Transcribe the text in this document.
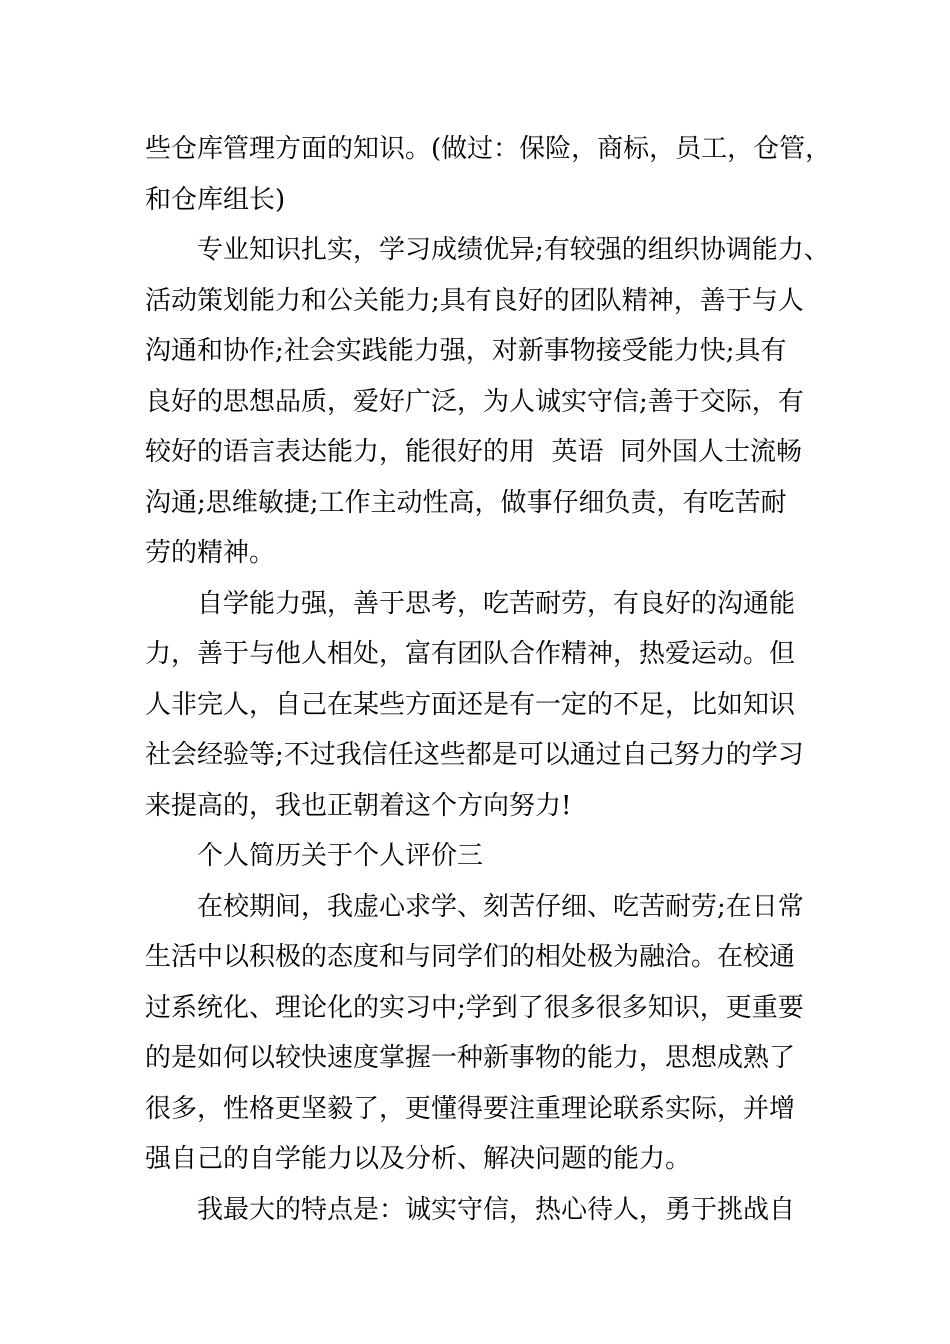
些仓库管理方面的知识。(做过：保险，商标，员工，仓管，
和仓库组长)
专业知识扎实，学习成绩优异;有较强的组织协调能力、
活动策划能力和公关能力;具有良好的团队精神，善于与人
沟通和协作;社会实践能力强，对新事物接受能力快;具有
良好的思想品质，爱好广泛，为人诚实守信;善于交际，有
较好的语言表达能力，能很好的用  英语  同外国人士流畅
沟通;思维敏捷;工作主动性高，做事仔细负责，有吃苦耐
劳的精神。
自学能力强，善于思考，吃苦耐劳，有良好的沟通能
力，善于与他人相处，富有团队合作精神，热爱运动。但
人非完人，自己在某些方面还是有一定的不足，比如知识
社会经验等;不过我信任这些都是可以通过自己努力的学习
来提高的，我也正朝着这个方向努力!
个人简历关于个人评价三
在校期间，我虚心求学、刻苦仔细、吃苦耐劳;在日常
生活中以积极的态度和与同学们的相处极为融洽。在校通
过系统化、理论化的实习中;学到了很多很多知识，更重要
的是如何以较快速度掌握一种新事物的能力，思想成熟了
很多，性格更坚毅了，更懂得要注重理论联系实际，并增
强自己的自学能力以及分析、解决问题的能力。
我最大的特点是：诚实守信，热心待人，勇于挑战自
